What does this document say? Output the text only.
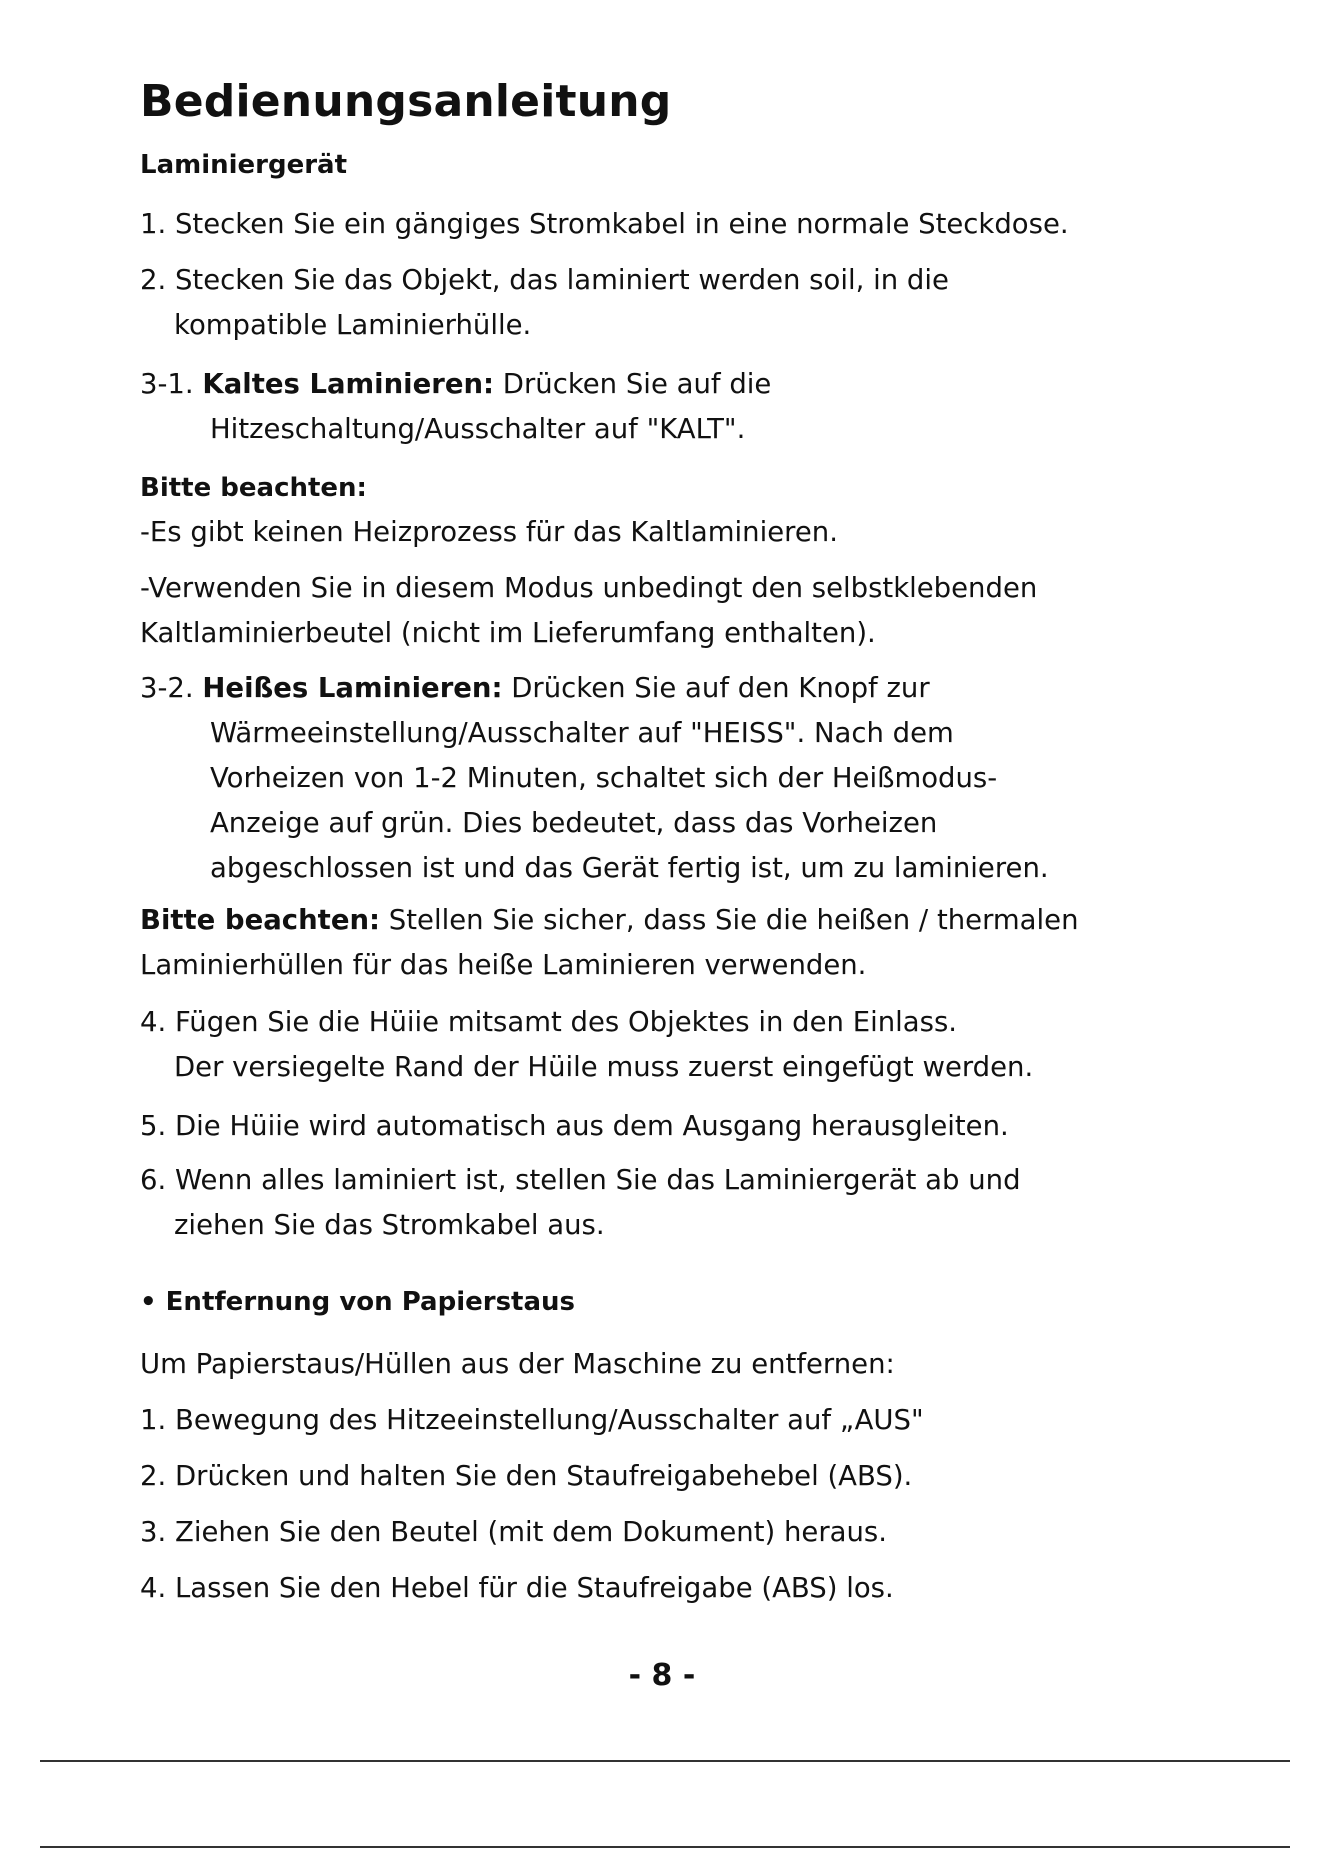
Bedienungsanleitung
Laminiergerät

1. Stecken Sie ein gängiges Stromkabel in eine normale Steckdose.

2. Stecken Sie das Objekt, das laminiert werden soil, in die
kompatible Laminierhülle.

3-1. Kaltes Laminieren: Drücken Sie auf die
Hitzeschaltung/Ausschalter auf "KALT".

Bitte beachten:

-Es gibt keinen Heizprozess für das Kaltlaminieren.

-Verwenden Sie in diesem Modus unbedingt den selbstklebenden
Kaltlaminierbeutel (nicht im Lieferumfang enthalten).

3-2. Heißes Laminieren: Drücken Sie auf den Knopf zur
Wärmeeinstellung/Ausschalter auf "HEISS". Nach dem
Vorheizen von 1-2 Minuten, schaltet sich der Heißmodus-
Anzeige auf grün. Dies bedeutet, dass das Vorheizen
abgeschlossen ist und das Gerät fertig ist, um zu laminieren.

Bitte beachten: Stellen Sie sicher, dass Sie die heißen / thermalen
Laminierhüllen für das heiße Laminieren verwenden.

4. Fügen Sie die Hüiie mitsamt des Objektes in den Einlass.
Der versiegelte Rand der Hüile muss zuerst eingefügt werden.

5. Die Hüiie wird automatisch aus dem Ausgang herausgleiten.

6. Wenn alles laminiert ist, stellen Sie das Laminiergerät ab und
ziehen Sie das Stromkabel aus.

• Entfernung von Papierstaus

Um Papierstaus/Hüllen aus der Maschine zu entfernen:

1. Bewegung des Hitzeeinstellung/Ausschalter auf „AUS"

2. Drücken und halten Sie den Staufreigabehebel (ABS).

3. Ziehen Sie den Beutel (mit dem Dokument) heraus.

4. Lassen Sie den Hebel für die Staufreigabe (ABS) los.

- 8 -
